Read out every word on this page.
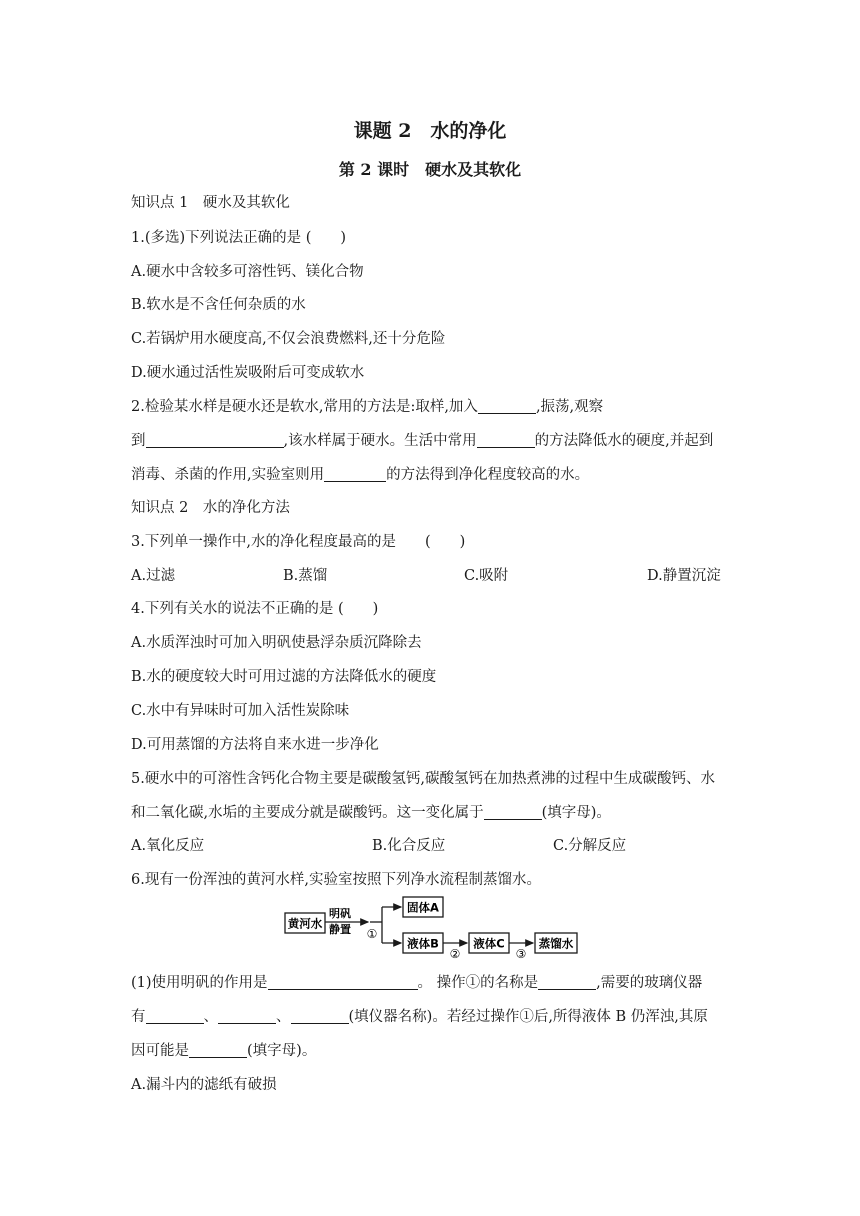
课题 2　水的净化
第 2 课时　硬水及其软化
知识点 1　硬水及其软化
1.(多选)下列说法正确的是 (　　)
A.硬水中含较多可溶性钙、镁化合物
B.软水是不含任何杂质的水
C.若锅炉用水硬度高,不仅会浪费燃料,还十分危险
D.硬水通过活性炭吸附后可变成软水
2.检验某水样是硬水还是软水,常用的方法是:取样,加入	,振荡,观察
到	,该水样属于硬水。生活中常用	的方法降低水的硬度,并起到
消毒、杀菌的作用,实验室则用	的方法得到净化程度较高的水。
知识点 2　水的净化方法
3.下列单一操作中,水的净化程度最高的是　　(　　)
A.过滤	B.蒸馏	C.吸附	D.静置沉淀
4.下列有关水的说法不正确的是 (　　)
A.水质浑浊时可加入明矾使悬浮杂质沉降除去
B.水的硬度较大时可用过滤的方法降低水的硬度
C.水中有异味时可加入活性炭除味
D.可用蒸馏的方法将自来水进一步净化
5.硬水中的可溶性含钙化合物主要是碳酸氢钙,碳酸氢钙在加热煮沸的过程中生成碳酸钙、水
和二氧化碳,水垢的主要成分就是碳酸钙。这一变化属于	(填字母)。
A.氧化反应	B.化合反应	C.分解反应
6.现有一份浑浊的黄河水样,实验室按照下列净水流程制蒸馏水。
黄河水
明矾
静置 ①
固体A
液体B
②
液体C
③
蒸馏水
(1)使用明矾的作用是	。 操作①的名称是	,需要的玻璃仪器
有	、	、	(填仪器名称)。若经过操作①后,所得液体 B 仍浑浊,其原
因可能是	(填字母)。
A.漏斗内的滤纸有破损
